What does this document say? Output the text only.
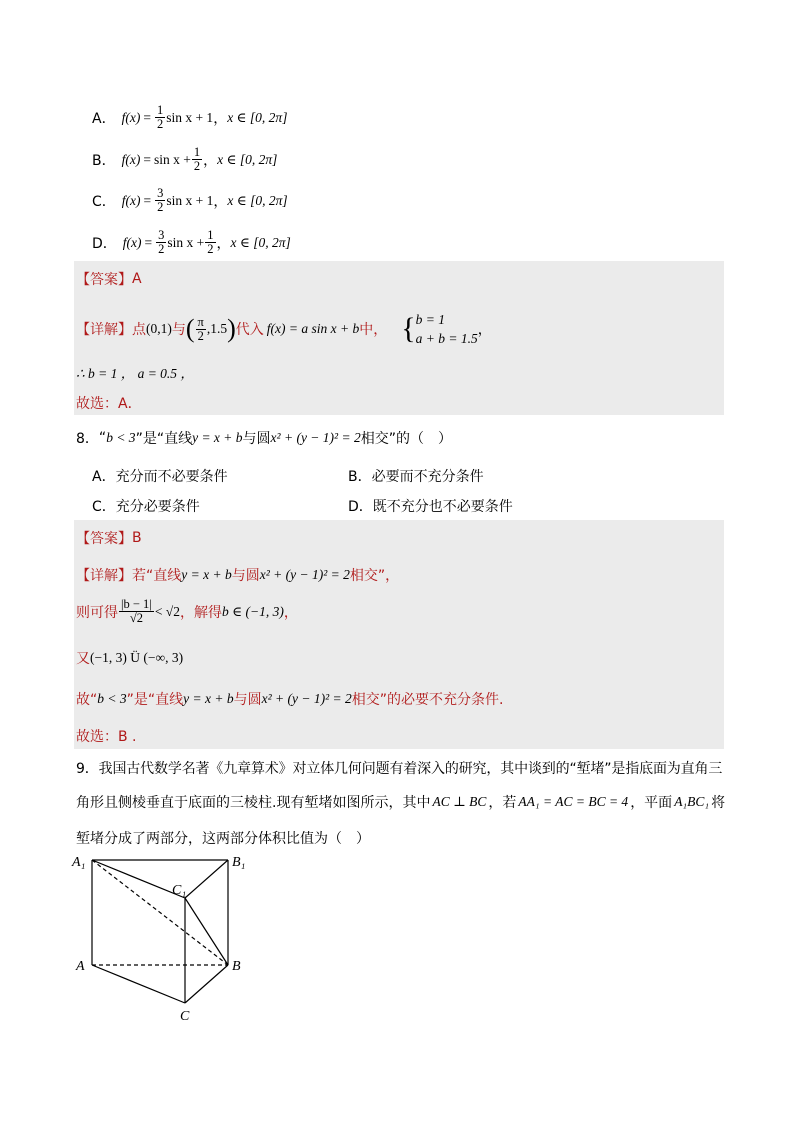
A． $f(x) = \frac{1}{2}$ sin x + 1 ， x ∈ [0, 2π]
B． $f(x) = \sin x + \frac{1}{2}$ ， x ∈ [0, 2π]
C． $f(x) = \frac{3}{2}$ sin x + 1 ， x ∈ [0, 2π]
D． $f(x) = \frac{3}{2}$ $\sin x + \frac{1}{2}$ ， x ∈ [0, 2π]
【答案】 A
【详解】 点 (0,1) 与 ( $\frac{\pi}{2} ,1.5$ ) 代入 f(x) = a sin x + b 中， { b = 1
a + b = 1.5
，
∴ b = 1 ， a = 0.5 ，
故选：A．
8． “ b < 3 ”是“直线 y = x + b 与圆 x² + (y − 1)² = 2 相交”的（　）
A．充分而不必要条件	B．必要而不充分条件
C．充分必要条件	D．既不充分也不必要条件
【答案】 B
【详解】 若“直线 y = x + b 与圆 x² + (y − 1)² = 2 相交”，
则可得 $\frac{|b - 1|}{√2} < √2$ ，解得 b ∈ (−1, 3) ，
又 (−1, 3) Ü (−∞, 3)
故“ b < 3 ”是“直线 y = x + b 与圆 x² + (y − 1)² = 2 相交”的必要不充分条件.
故选：B .
9．我国古代数学名著《九章算术》对立体几何问题有着深入的研究，其中谈到的“堑堵”是指底面为直角三
角形且侧棱垂直于底面的三棱柱.现有堑堵如图所示，其中 AC ⊥ BC ，若 AA₁ = AC = BC = 4 ，平面 A₁BC₁ 将
堑堵分成了两部分，这两部分体积比值为（　）
A₁	B₁
C₁
A	B
C
